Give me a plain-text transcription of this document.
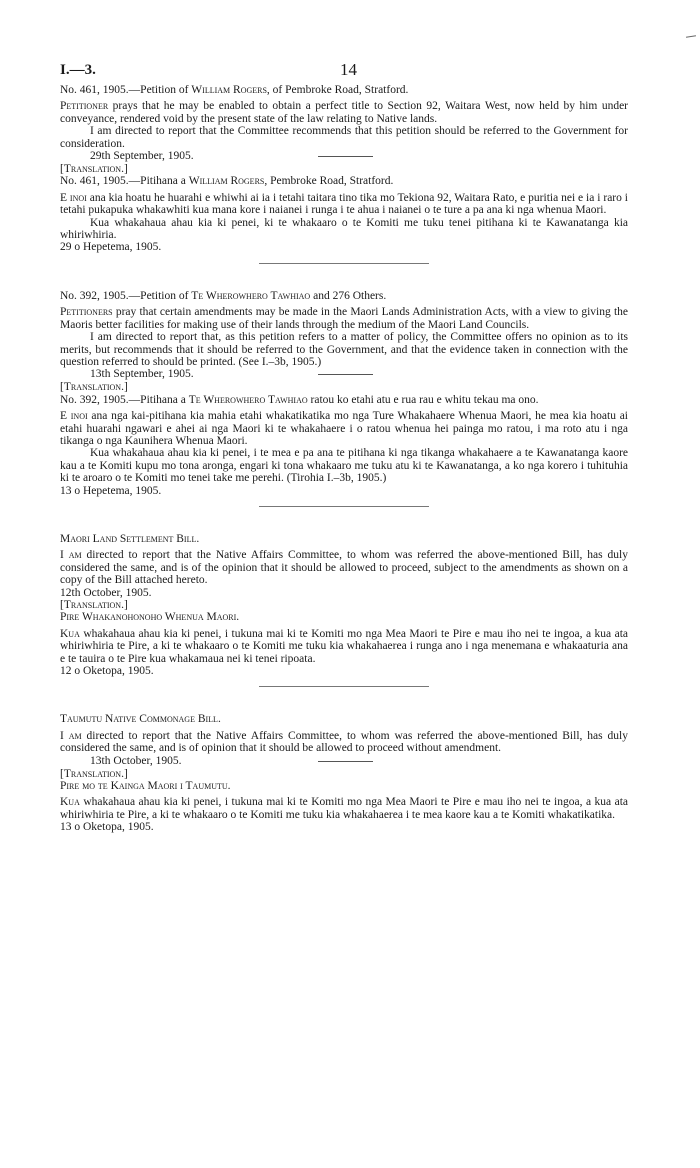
I.—3.	14

No. 461, 1905.—Petition of William Rogers, of Pembroke Road, Stratford.

Petitioner prays that he may be enabled to obtain a perfect title to Section 92, Waitara West, now held by him under conveyance, rendered void by the present state of the law relating to Native lands.

I am directed to report that the Committee recommends that this petition should be referred to the Government for consideration.

29th September, 1905.

[Translation.]

No. 461, 1905.—Pitihana a William Rogers, Pembroke Road, Stratford.

E inoi ana kia hoatu he huarahi e whiwhi ai ia i tetahi taitara tino tika mo Tekiona 92, Waitara Rato, e puritia nei e ia i raro i tetahi pukapuka whakawhiti kua mana kore i naianei i runga i te ahua i naianei o te ture a pa ana ki nga whenua Maori.

Kua whakahaua ahau kia ki penei, ki te whakaaro o te Komiti me tuku tenei pitihana ki te Kawanatanga kia whiriwhiria.

29 o Hepetema, 1905.

No. 392, 1905.—Petition of Te Wherowhero Tawhiao and 276 Others.

Petitioners pray that certain amendments may be made in the Maori Lands Administration Acts, with a view to giving the Maoris better facilities for making use of their lands through the medium of the Maori Land Councils.

I am directed to report that, as this petition refers to a matter of policy, the Committee offers no opinion as to its merits, but recommends that it should be referred to the Government, and that the evidence taken in connection with the question referred to should be printed. (See I.–3b, 1905.)

13th September, 1905.

[Translation.]

No. 392, 1905.—Pitihana a Te Wherowhero Tawhiao ratou ko etahi atu e rua rau e whitu tekau ma ono.

E inoi ana nga kai-pitihana kia mahia etahi whakatikatika mo nga Ture Whakahaere Whenua Maori, he mea kia hoatu ai etahi huarahi ngawari e ahei ai nga Maori ki te whakahaere i o ratou whenua hei painga mo ratou, i ma roto atu i nga tikanga o nga Kaunihera Whenua Maori.

Kua whakahaua ahau kia ki penei, i te mea e pa ana te pitihana ki nga tikanga whakahaere a te Kawanatanga kaore kau a te Komiti kupu mo tona aronga, engari ki tona whakaaro me tuku atu ki te Kawanatanga, a ko nga korero i tuhituhia ki te aroaro o te Komiti mo tenei take me perehi. (Tirohia I.–3b, 1905.)

13 o Hepetema, 1905.

Maori Land Settlement Bill.

I am directed to report that the Native Affairs Committee, to whom was referred the above-mentioned Bill, has duly considered the same, and is of the opinion that it should be allowed to proceed, subject to the amendments as shown on a copy of the Bill attached hereto.

12th October, 1905.

[Translation.]

Pire Whakanohonoho Whenua Maori.

Kua whakahaua ahau kia ki penei, i tukuna mai ki te Komiti mo nga Mea Maori te Pire e mau iho nei te ingoa, a kua ata whiriwhiria te Pire, a ki te whakaaro o te Komiti me tuku kia whakahaerea i runga ano i nga menemana e whakaaturia ana e te tauira o te Pire kua whakamaua nei ki tenei ripoata.

12 o Oketopa, 1905.

Taumutu Native Commonage Bill.

I am directed to report that the Native Affairs Committee, to whom was referred the above-mentioned Bill, has duly considered the same, and is of opinion that it should be allowed to proceed without amendment.

13th October, 1905.

[Translation.]

Pire mo te Kainga Maori i Taumutu.

Kua whakahaua ahau kia ki penei, i tukuna mai ki te Komiti mo nga Mea Maori te Pire e mau iho nei te ingoa, a kua ata whiriwhiria te Pire, a ki te whakaaro o te Komiti me tuku kia whakahaerea i te mea kaore kau a te Komiti whakatikatika.

13 o Oketopa, 1905.
